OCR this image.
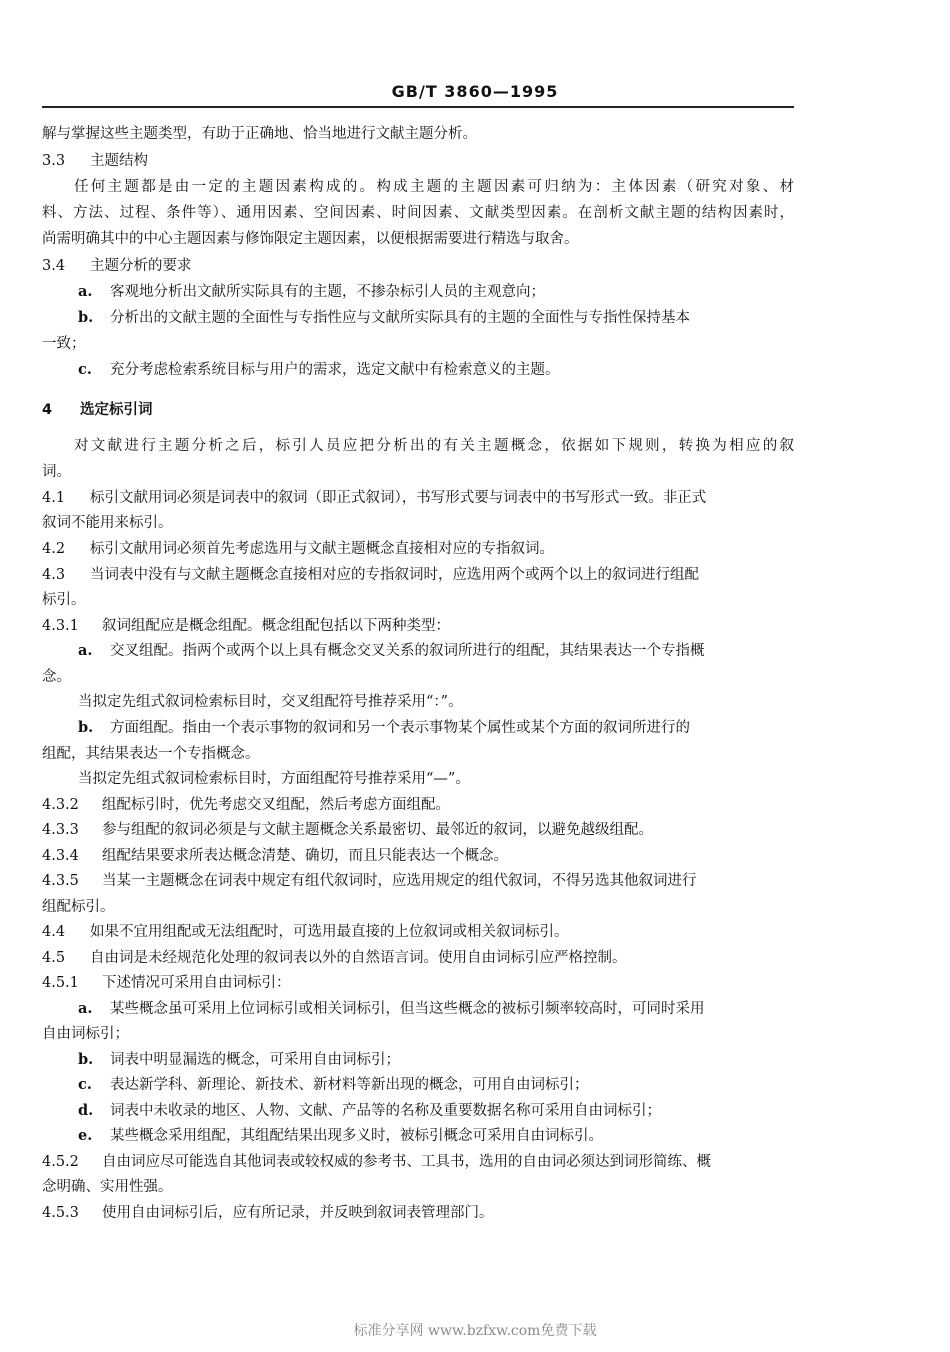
GB/T 3860—1995
解与掌握这些主题类型，有助于正确地、恰当地进行文献主题分析。
3.3 主题结构
任何主题都是由一定的主题因素构成的。构成主题的主题因素可归纳为：主体因素（研究对象、材
料、方法、过程、条件等）、通用因素、空间因素、时间因素、文献类型因素。在剖析文献主题的结构因素时，
尚需明确其中的中心主题因素与修饰限定主题因素，以便根据需要进行精选与取舍。
3.4 主题分析的要求
a. 客观地分析出文献所实际具有的主题，不掺杂标引人员的主观意向；
b. 分析出的文献主题的全面性与专指性应与文献所实际具有的主题的全面性与专指性保持基本
一致；
c. 充分考虑检索系统目标与用户的需求，选定文献中有检索意义的主题。
4 选定标引词
对文献进行主题分析之后，标引人员应把分析出的有关主题概念，依据如下规则，转换为相应的叙
词。
4.1 标引文献用词必须是词表中的叙词（即正式叙词），书写形式要与词表中的书写形式一致。非正式
叙词不能用来标引。
4.2 标引文献用词必须首先考虑选用与文献主题概念直接相对应的专指叙词。
4.3 当词表中没有与文献主题概念直接相对应的专指叙词时，应选用两个或两个以上的叙词进行组配
标引。
4.3.1 叙词组配应是概念组配。概念组配包括以下两种类型：
a. 交叉组配。指两个或两个以上具有概念交叉关系的叙词所进行的组配，其结果表达一个专指概
念。
当拟定先组式叙词检索标目时，交叉组配符号推荐采用“：”。
b. 方面组配。指由一个表示事物的叙词和另一个表示事物某个属性或某个方面的叙词所进行的
组配，其结果表达一个专指概念。
当拟定先组式叙词检索标目时，方面组配符号推荐采用“—”。
4.3.2 组配标引时，优先考虑交叉组配，然后考虑方面组配。
4.3.3 参与组配的叙词必须是与文献主题概念关系最密切、最邻近的叙词，以避免越级组配。
4.3.4 组配结果要求所表达概念清楚、确切，而且只能表达一个概念。
4.3.5 当某一主题概念在词表中规定有组代叙词时，应选用规定的组代叙词，不得另选其他叙词进行
组配标引。
4.4 如果不宜用组配或无法组配时，可选用最直接的上位叙词或相关叙词标引。
4.5 自由词是未经规范化处理的叙词表以外的自然语言词。使用自由词标引应严格控制。
4.5.1 下述情况可采用自由词标引：
a. 某些概念虽可采用上位词标引或相关词标引，但当这些概念的被标引频率较高时，可同时采用
自由词标引；
b. 词表中明显漏选的概念，可采用自由词标引；
c. 表达新学科、新理论、新技术、新材料等新出现的概念，可用自由词标引；
d. 词表中未收录的地区、人物、文献、产品等的名称及重要数据名称可采用自由词标引；
e. 某些概念采用组配，其组配结果出现多义时，被标引概念可采用自由词标引。
4.5.2 自由词应尽可能选自其他词表或较权威的参考书、工具书，选用的自由词必须达到词形简练、概
念明确、实用性强。
4.5.3 使用自由词标引后，应有所记录，并反映到叙词表管理部门。
标准分享网 www.bzfxw.com免费下载
